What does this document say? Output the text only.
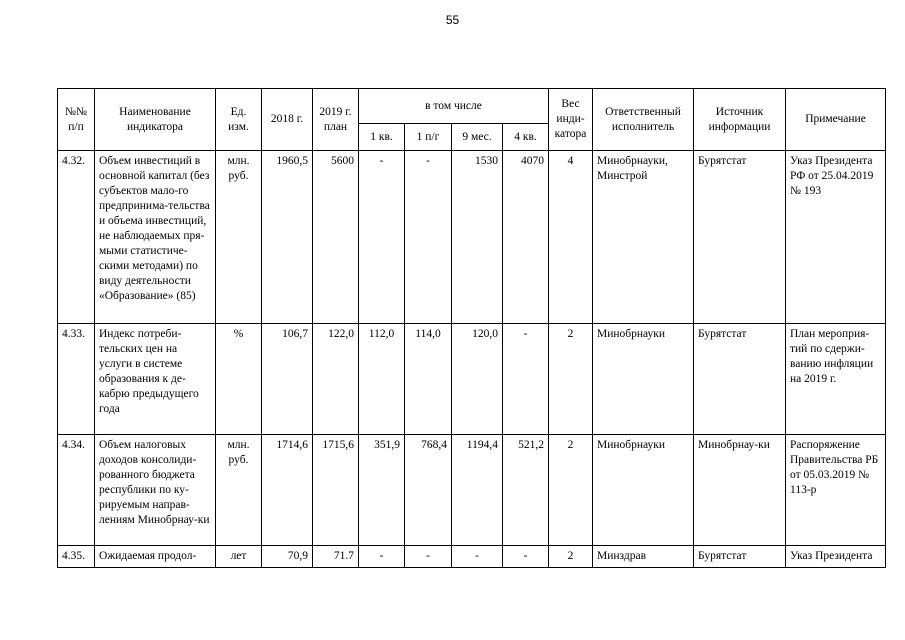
55
№№ п/п	Наименование индикатора	Ед. изм.	2018 г.	2019 г. план	в том числе				Вес инди-катора	Ответственный исполнитель	Источник информации	Примечание
					1 кв.	1 п/г	9 мес.	4 кв.				
4.32.	Объем инвестиций в основной капитал (без субъектов мало-го предпринима-тельства и объема инвестиций, не наблюдаемых пря-мыми статистиче-скими методами) по виду деятельности «Образование» (85)	млн. руб.	1960,5	5600	-	-	1530	4070	4	Минобрнауки, Минстрой	Бурятстат	Указ Президента РФ от 25.04.2019 № 193
4.33.	Индекс потреби-тельских цен на услуги в системе образования к де-кабрю предыдущего года	%	106,7	122,0	112,0	114,0	120,0	-	2	Минобрнауки	Бурятстат	План мероприя-тий по сдержи-ванию инфляции на 2019 г.
4.34.	Объем налоговых доходов консолиди-рованного бюджета республики по ку-рируемым направ-лениям Минобрнау-ки	млн. руб.	1714,6	1715,6	351,9	768,4	1194,4	521,2	2	Минобрнауки	Минобрнау-ки	Распоряжение Правительства РБ от 05.03.2019 № 113-р
4.35.	Ожидаемая продол-	лет	70,9	71.7	-	-	-	-	2	Минздрав	Бурятстат	Указ Президента
